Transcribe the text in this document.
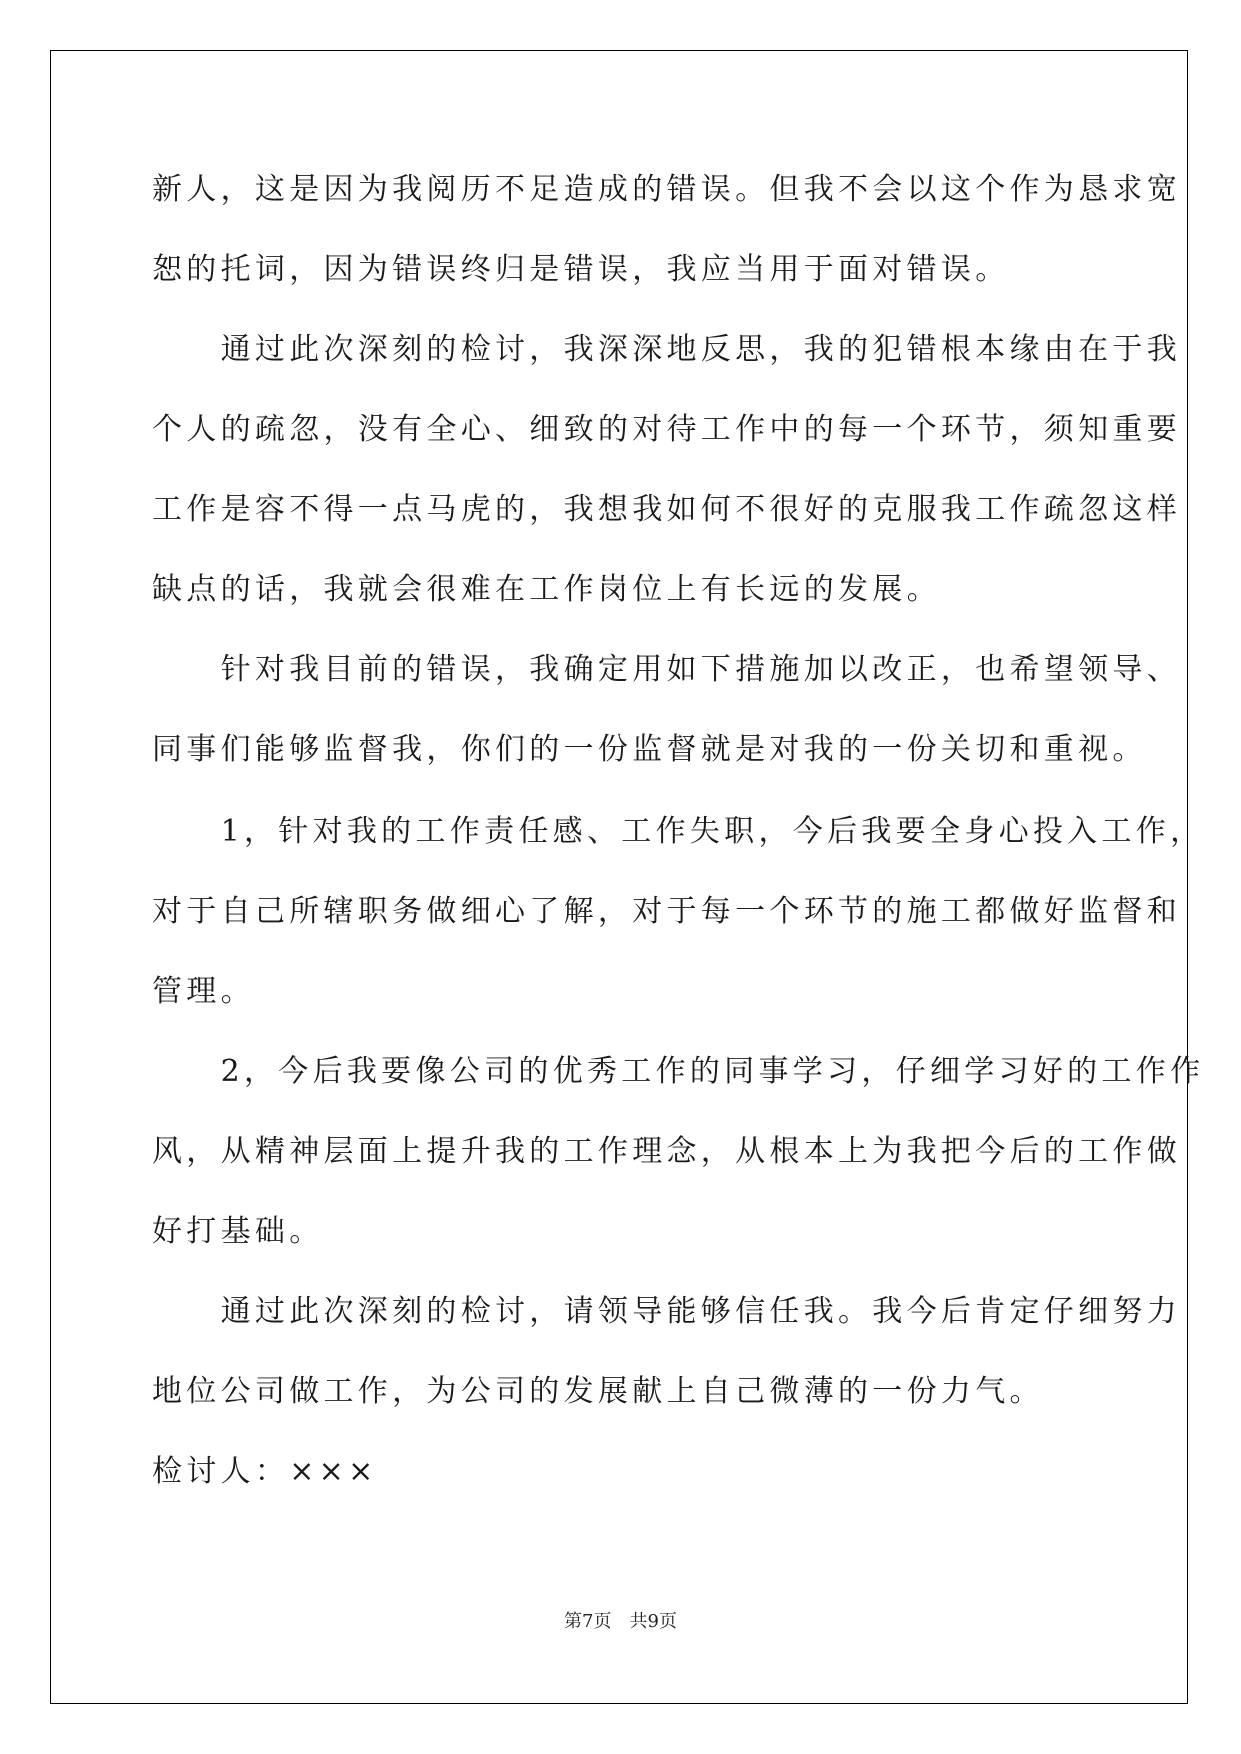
新人，这是因为我阅历不足造成的错误。但我不会以这个作为恳求宽
恕的托词，因为错误终归是错误，我应当用于面对错误。
　　通过此次深刻的检讨，我深深地反思，我的犯错根本缘由在于我
个人的疏忽，没有全心、细致的对待工作中的每一个环节，须知重要
工作是容不得一点马虎的，我想我如何不很好的克服我工作疏忽这样
缺点的话，我就会很难在工作岗位上有长远的发展。
　　针对我目前的错误，我确定用如下措施加以改正，也希望领导、
同事们能够监督我，你们的一份监督就是对我的一份关切和重视。
　　1，针对我的工作责任感、工作失职，今后我要全身心投入工作，
对于自己所辖职务做细心了解，对于每一个环节的施工都做好监督和
管理。
　　2，今后我要像公司的优秀工作的同事学习，仔细学习好的工作作
风，从精神层面上提升我的工作理念，从根本上为我把今后的工作做
好打基础。
　　通过此次深刻的检讨，请领导能够信任我。我今后肯定仔细努力
地位公司做工作，为公司的发展献上自己微薄的一份力气。
检讨人：×××
第7页　共9页
